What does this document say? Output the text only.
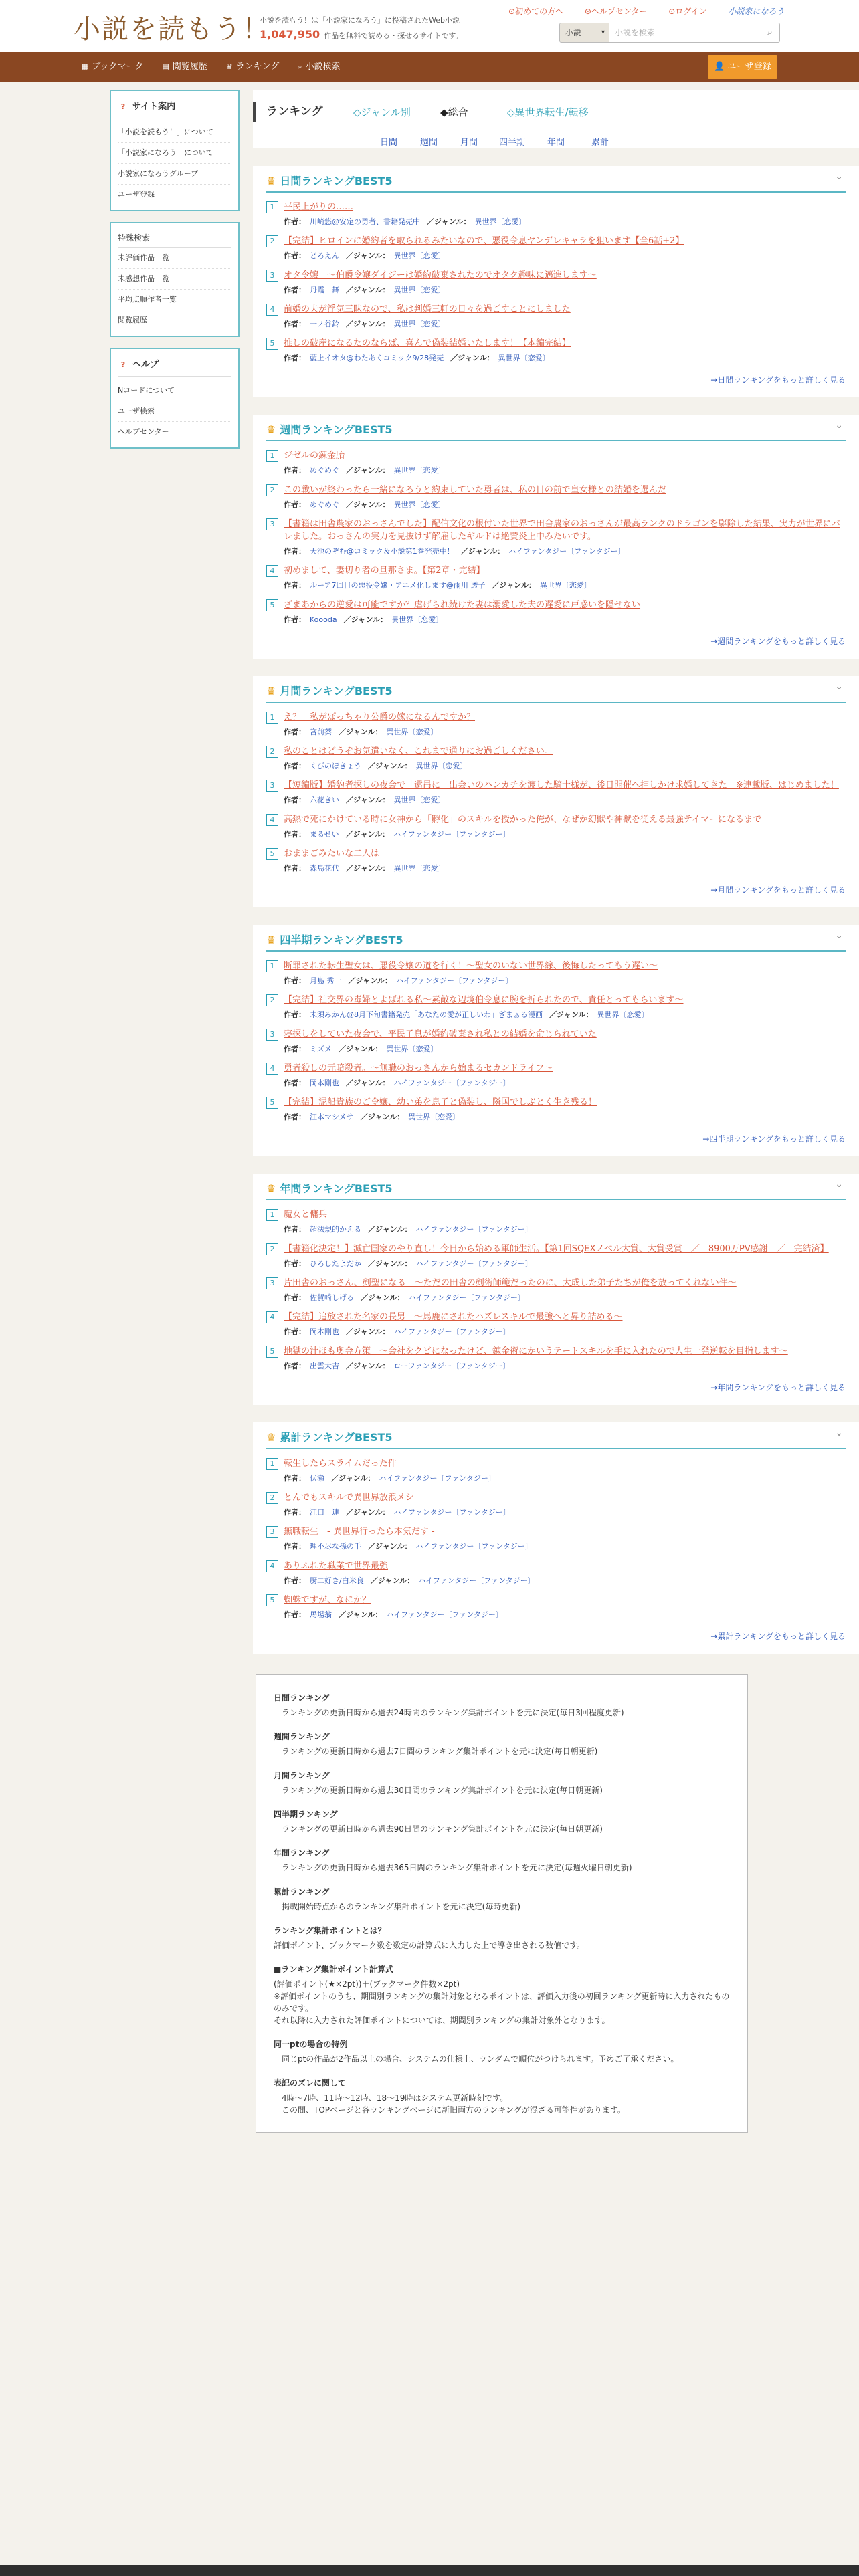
小説を読もう！
小説を読もう！は「小説家になろう」に投稿されたWeb小説
1,047,950 作品を無料で読める・探せるサイトです。
⊙初めての方へ	⊙ヘルプセンター	⊙ログイン	小説家になろう
小説 ▾	小説を検索	⌕
▦ ブックマーク	▤ 閲覧履歴	♛ ランキング	⌕ 小説検索	👤 ユーザ登録
? サイト案内
「小説を読もう！」について
「小説家になろう」について
小説家になろうグループ
ユーザ登録
特殊検索
未評価作品一覧
未感想作品一覧
平均点順作者一覧
閲覧履歴
? ヘルプ
Nコードについて
ユーザ検索
ヘルプセンター
ランキング	◇ジャンル別	◆総合	◇異世界転生/転移
日間	週間	月間 四半期	年間	累計
♛ 日間ランキングBEST5	⌄
1	平民上がりの……
作者： 川崎悠@安定の勇者、書籍発売中 ／ジャンル： 異世界〔恋愛〕
2	【完結】ヒロインに婚約者を取られるみたいなので、悪役令息ヤンデレキャラを狙います【全6話+2】
作者： どろえん ／ジャンル： 異世界〔恋愛〕
3	オタ令嬢　～伯爵令嬢ダイジーは婚約破棄されたのでオタク趣味に邁進します～
作者： 丹霞　舞 ／ジャンル： 異世界〔恋愛〕
4	前婚の夫が浮気三昧なので、私は判婚三軒の日々を過ごすことにしました
作者： 一ノ谷鈴 ／ジャンル： 異世界〔恋愛〕
5	推しの破産になるたのならば、喜んで偽装結婚いたします！【本編完結】
作者： 藍上イオタ@わたあくコミック9/28発売 ／ジャンル： 異世界〔恋愛〕
→日間ランキングをもっと詳しく見る
♛ 週間ランキングBEST5	⌄
1	ジゼルの錬金胎
作者： めぐめぐ ／ジャンル： 異世界〔恋愛〕
2	この戦いが終わったら一緒になろうと約束していた勇者は、私の目の前で皇女様との結婚を選んだ
作者： めぐめぐ ／ジャンル： 異世界〔恋愛〕
3	【書籍は田舎農家のおっさんでした】配信文化の根付いた世界で田舎農家のおっさんが最高ランクのドラゴンを駆除した結果、実力が世界にバレました。おっさんの実力を見抜けず解雇したギルドは絶賛炎上中みたいです。
作者： 天池のぞむ@コミック＆小説第1巻発売中！ ／ジャンル： ハイファンタジー〔ファンタジー〕
4	初めまして、妻切り者の旦那さま。【第2章・完結】
作者： ルーア7回目の悪役令嬢・アニメ化します@雨川 透子 ／ジャンル： 異世界〔恋愛〕
5	ざまあからの逆愛は可能ですか？虐げられ続けた妻は溺愛した夫の遅愛に戸惑いを隠せない
作者： Koooda ／ジャンル： 異世界〔恋愛〕
→週間ランキングをもっと詳しく見る
♛ 月間ランキングBEST5	⌄
1	え？　私がぽっちゃり公爵の嫁になるんですか？
作者： 宮前葵 ／ジャンル： 異世界〔恋愛〕
2	私のことはどうぞお気遣いなく、これまで通りにお過ごしください。
作者： くびのほきょう ／ジャンル： 異世界〔恋愛〕
3	【短編版】婚約者探しの夜会で「還吊に　出会いのハンカチを渡した騎士様が、後日開催へ押しかけ求婚してきた　※連載版、はじめました！
作者： 六花きい ／ジャンル： 異世界〔恋愛〕
4	高熱で死にかけている時に女神から「孵化」のスキルを授かった俺が、なぜか幻獣や神獣を従える最強テイマーになるまで
作者： まるせい ／ジャンル： ハイファンタジー〔ファンタジー〕
5	おままごみたいな二人は
作者： 森島花代 ／ジャンル： 異世界〔恋愛〕
→月間ランキングをもっと詳しく見る
♛ 四半期ランキングBEST5	⌄
1	断罪された転生聖女は、悪役令嬢の道を行く！～聖女のいない世界線、後悔したってもう遅い～
作者： 月島 秀一 ／ジャンル： ハイファンタジー〔ファンタジー〕
2	【完結】社交界の毒婦とよばれる私～素敵な辺境伯令息に腕を折られたので、責任とってもらいます～
作者： 未須みかん@8月下旬書籍発売「あなたの愛が正しいわ」ざまぁる漫画 ／ジャンル： 異世界〔恋愛〕
3	寝探しをしていた夜会で、平民子息が婚約破棄され私との結婚を命じられていた
作者： ミズメ ／ジャンル： 異世界〔恋愛〕
4	勇者殺しの元暗殺者。～無職のおっさんから始まるセカンドライフ～
作者： 岡本剛也 ／ジャンル： ハイファンタジー〔ファンタジー〕
5	【完結】泥船貴族のご令嬢、幼い弟を息子と偽装し、隣国でしぶとく生き残る！
作者： 江本マシメサ ／ジャンル： 異世界〔恋愛〕
→四半期ランキングをもっと詳しく見る
♛ 年間ランキングBEST5	⌄
1	魔女と傭兵
作者： 超法規的かえる ／ジャンル： ハイファンタジー〔ファンタジー〕
2	【書籍化決定！】滅亡国家のやり直し！今日から始める軍師生活。【第1回SQEXノベル大賞、大賞受賞　／　8900万PV感謝　／　完結済】
作者： ひろしたよだか ／ジャンル： ハイファンタジー〔ファンタジー〕
3	片田舎のおっさん、剣聖になる　～ただの田舎の剣術師範だったのに、大成した弟子たちが俺を放ってくれない件～
作者： 佐賀崎しげる ／ジャンル： ハイファンタジー〔ファンタジー〕
4	【完結】追放された名家の長男　～馬鹿にされたハズレスキルで最強へと昇り詰める～
作者： 岡本剛也 ／ジャンル： ハイファンタジー〔ファンタジー〕
5	地獄の汁ほも奥金方策　～会社をクビになったけど、錬金術にかいうテートスキルを手に入れたので人生一発逆転を目指します～
作者： 出雲大吉 ／ジャンル： ローファンタジー〔ファンタジー〕
→年間ランキングをもっと詳しく見る
♛ 累計ランキングBEST5	⌄
1	転生したらスライムだった件
作者： 伏瀬 ／ジャンル： ハイファンタジー〔ファンタジー〕
2	とんでもスキルで異世界放浪メシ
作者： 江口　連 ／ジャンル： ハイファンタジー〔ファンタジー〕
3	無職転生　- 異世界行ったら本気だす -
作者： 理不尽な孫の手 ／ジャンル： ハイファンタジー〔ファンタジー〕
4	ありふれた職業で世界最強
作者： 厨二好き/白米良 ／ジャンル： ハイファンタジー〔ファンタジー〕
5	蜘蛛ですが、なにか？
作者： 馬場翁 ／ジャンル： ハイファンタジー〔ファンタジー〕
→累計ランキングをもっと詳しく見る
日間ランキング
ランキングの更新日時から過去24時間のランキング集計ポイントを元に決定(毎日3回程度更新)
週間ランキング
ランキングの更新日時から過去7日間のランキング集計ポイントを元に決定(毎日朝更新)
月間ランキング
ランキングの更新日時から過去30日間のランキング集計ポイントを元に決定(毎日朝更新)
四半期ランキング
ランキングの更新日時から過去90日間のランキング集計ポイントを元に決定(毎日朝更新)
年間ランキング
ランキングの更新日時から過去365日間のランキング集計ポイントを元に決定(毎週火曜日朝更新)
累計ランキング
掲載開始時点からのランキング集計ポイントを元に決定(毎時更新)
ランキング集計ポイントとは？
評価ポイント、ブックマーク数を数定の計算式に入力した上で導き出される数値です。
■ランキング集計ポイント計算式
(評価ポイント(★×2pt))＋(ブックマーク件数×2pt)
※評価ポイントのうち、期間別ランキングの集計対象となるポイントは、評価入力後の初回ランキング更新時に入力されたもののみです。
それ以降に入力された評価ポイントについては、期間別ランキングの集計対象外となります。
同一ptの場合の特例
同じptの作品が2作品以上の場合、システムの仕様上、ランダムで順位がつけられます。予めご了承ください。
表記のズレに関して
4時〜7時、11時〜12時、18〜19時はシステム更新時刻です。
この間、TOPページと各ランキングページに新旧両方のランキングが混ざる可能性があります。
